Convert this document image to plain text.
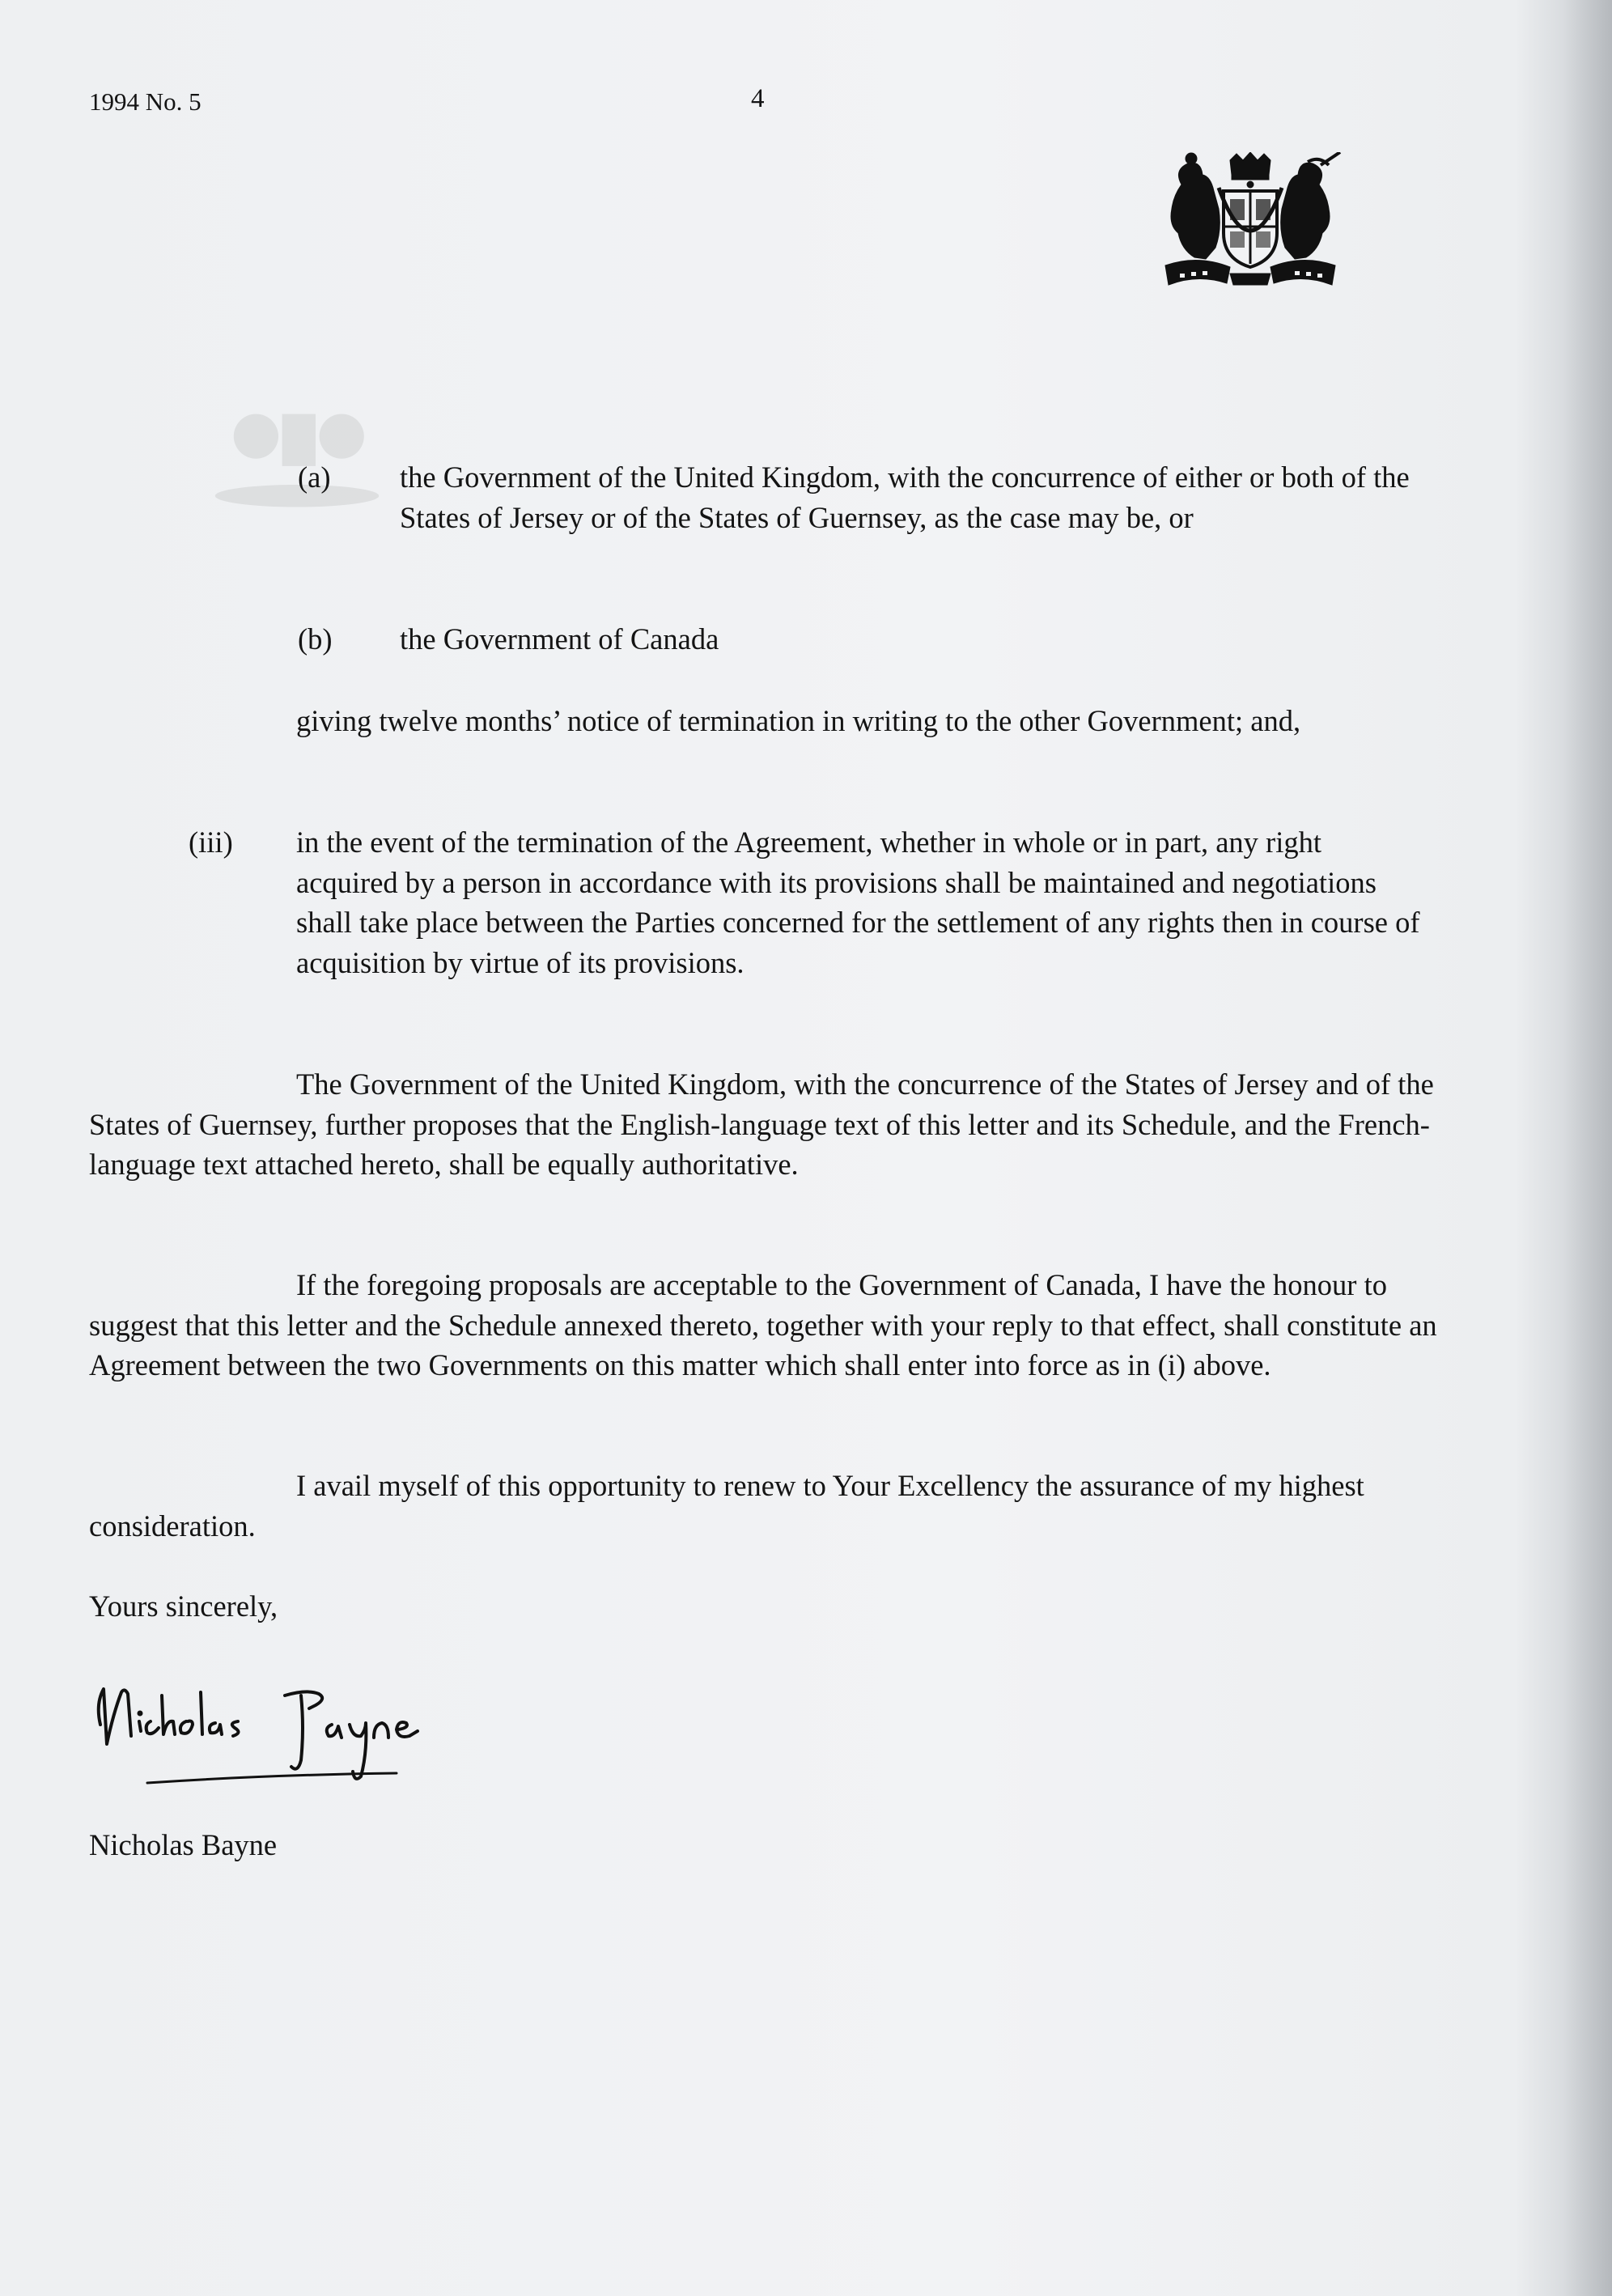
1994 No. 5	4
(a) the Government of the United Kingdom, with the concurrence of either or both of the States of Jersey or of the States of Guernsey, as the case may be, or
(b) the Government of Canada
giving twelve months’ notice of termination in writing to the other Government; and,
(iii) in the event of the termination of the Agreement, whether in whole or in part, any right acquired by a person in accordance with its provisions shall be maintained and negotiations shall take place between the Parties concerned for the settlement of any rights then in course of acquisition by virtue of its provisions.
The Government of the United Kingdom, with the concurrence of the States of Jersey and of the States of Guernsey, further proposes that the English-language text of this letter and its Schedule, and the French-language text attached hereto, shall be equally authoritative.
If the foregoing proposals are acceptable to the Government of Canada, I have the honour to suggest that this letter and the Schedule annexed thereto, together with your reply to that effect, shall constitute an Agreement between the two Governments on this matter which shall enter into force as in (i) above.
I avail myself of this opportunity to renew to Your Excellency the assurance of my highest consideration.
Yours sincerely,
Nicholas Bayne
